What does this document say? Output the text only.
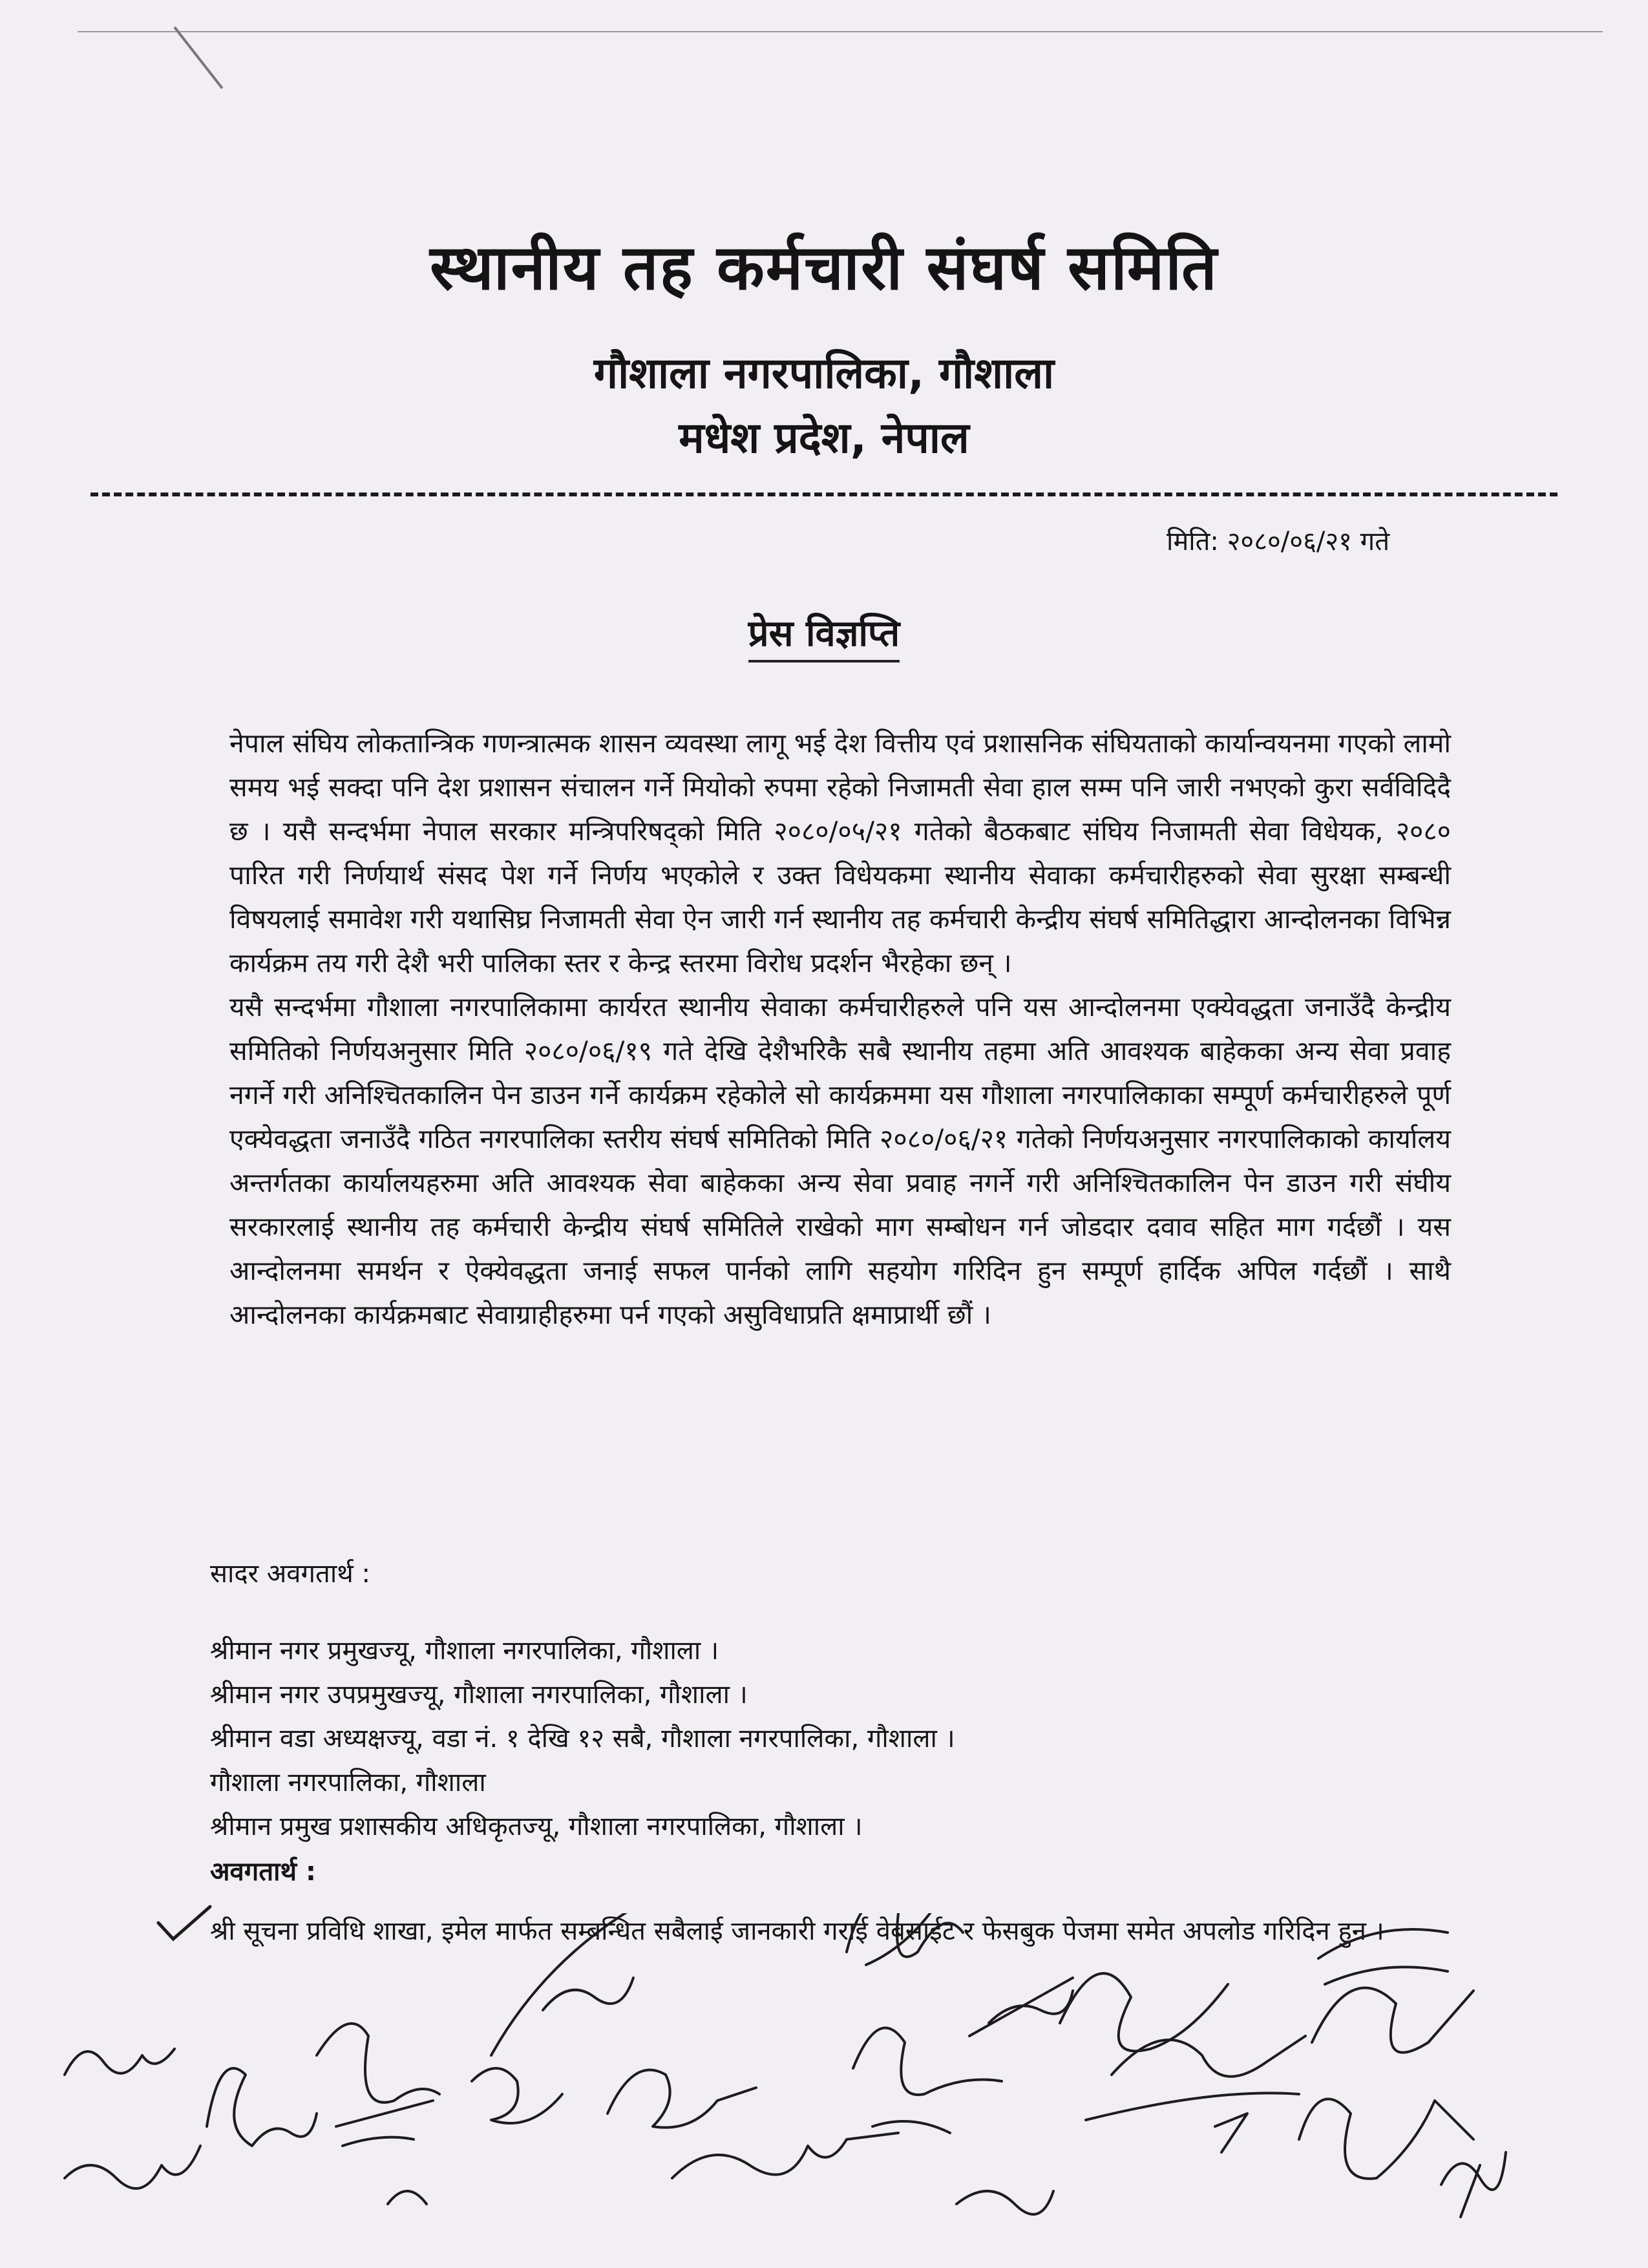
स्थानीय तह कर्मचारी संघर्ष समिति
गौशाला नगरपालिका, गौशाला
मधेश प्रदेश, नेपाल
मिति: २०८०/०६/२१ गते
प्रेस विज्ञप्ति

नेपाल संघिय लोकतान्त्रिक गणन्त्रात्मक शासन व्यवस्था लागू भई देश वित्तीय एवं प्रशासनिक संघियताको कार्यान्वयनमा गएको लामो समय भई सक्दा पनि देश प्रशासन संचालन गर्ने मियोको रुपमा रहेको निजामती सेवा हाल सम्म पनि जारी नभएको कुरा सर्वविदिदै छ । यसै सन्दर्भमा नेपाल सरकार मन्त्रिपरिषद्को मिति २०८०/०५/२१ गतेको बैठकबाट संघिय निजामती सेवा विधेयक, २०८० पारित गरी निर्णयार्थ संसद पेश गर्ने निर्णय भएकोले र उक्त विधेयकमा स्थानीय सेवाका कर्मचारीहरुको सेवा सुरक्षा सम्बन्धी विषयलाई समावेश गरी यथासिघ्र निजामती सेवा ऐन जारी गर्न स्थानीय तह कर्मचारी केन्द्रीय संघर्ष समितिद्धारा आन्दोलनका विभिन्न कार्यक्रम तय गरी देशै भरी पालिका स्तर र केन्द्र स्तरमा विरोध प्रदर्शन भैरहेका छन् ।

यसै सन्दर्भमा गौशाला नगरपालिकामा कार्यरत स्थानीय सेवाका कर्मचारीहरुले पनि यस आन्दोलनमा एक्येवद्धता जनाउँदै केन्द्रीय समितिको निर्णयअनुसार मिति २०८०/०६/१९ गते देखि देशैभरिकै सबै स्थानीय तहमा अति आवश्यक बाहेकका अन्य सेवा प्रवाह नगर्ने गरी अनिश्चितकालिन पेन डाउन गर्ने कार्यक्रम रहेकोले सो कार्यक्रममा यस गौशाला नगरपालिकाका सम्पूर्ण कर्मचारीहरुले पूर्ण एक्येवद्धता जनाउँदै गठित नगरपालिका स्तरीय संघर्ष समितिको मिति २०८०/०६/२१ गतेको निर्णयअनुसार नगरपालिकाको कार्यालय अन्तर्गतका कार्यालयहरुमा अति आवश्यक सेवा बाहेकका अन्य सेवा प्रवाह नगर्ने गरी अनिश्चितकालिन पेन डाउन गरी संघीय सरकारलाई स्थानीय तह कर्मचारी केन्द्रीय संघर्ष समितिले राखेको माग सम्बोधन गर्न जोडदार दवाव सहित माग गर्दछौं । यस आन्दोलनमा समर्थन र ऐक्येवद्धता जनाई सफल पार्नको लागि सहयोग गरिदिन हुन सम्पूर्ण हार्दिक अपिल गर्दछौं । साथै आन्दोलनका कार्यक्रमबाट सेवाग्राहीहरुमा पर्न गएको असुविधाप्रति क्षमाप्रार्थी छौं ।

सादर अवगतार्थ :
श्रीमान नगर प्रमुखज्यू, गौशाला नगरपालिका, गौशाला ।
श्रीमान नगर उपप्रमुखज्यू, गौशाला नगरपालिका, गौशाला ।
श्रीमान वडा अध्यक्षज्यू, वडा नं. १ देखि १२ सबै, गौशाला नगरपालिका, गौशाला ।
गौशाला नगरपालिका, गौशाला
श्रीमान प्रमुख प्रशासकीय अधिकृतज्यू, गौशाला नगरपालिका, गौशाला ।
अवगतार्थ :
श्री सूचना प्रविधि शाखा, इमेल मार्फत सम्बन्धित सबैलाई जानकारी गराई वेबसाईट र फेसबुक पेजमा समेत अपलोड गरिदिन हुन ।
